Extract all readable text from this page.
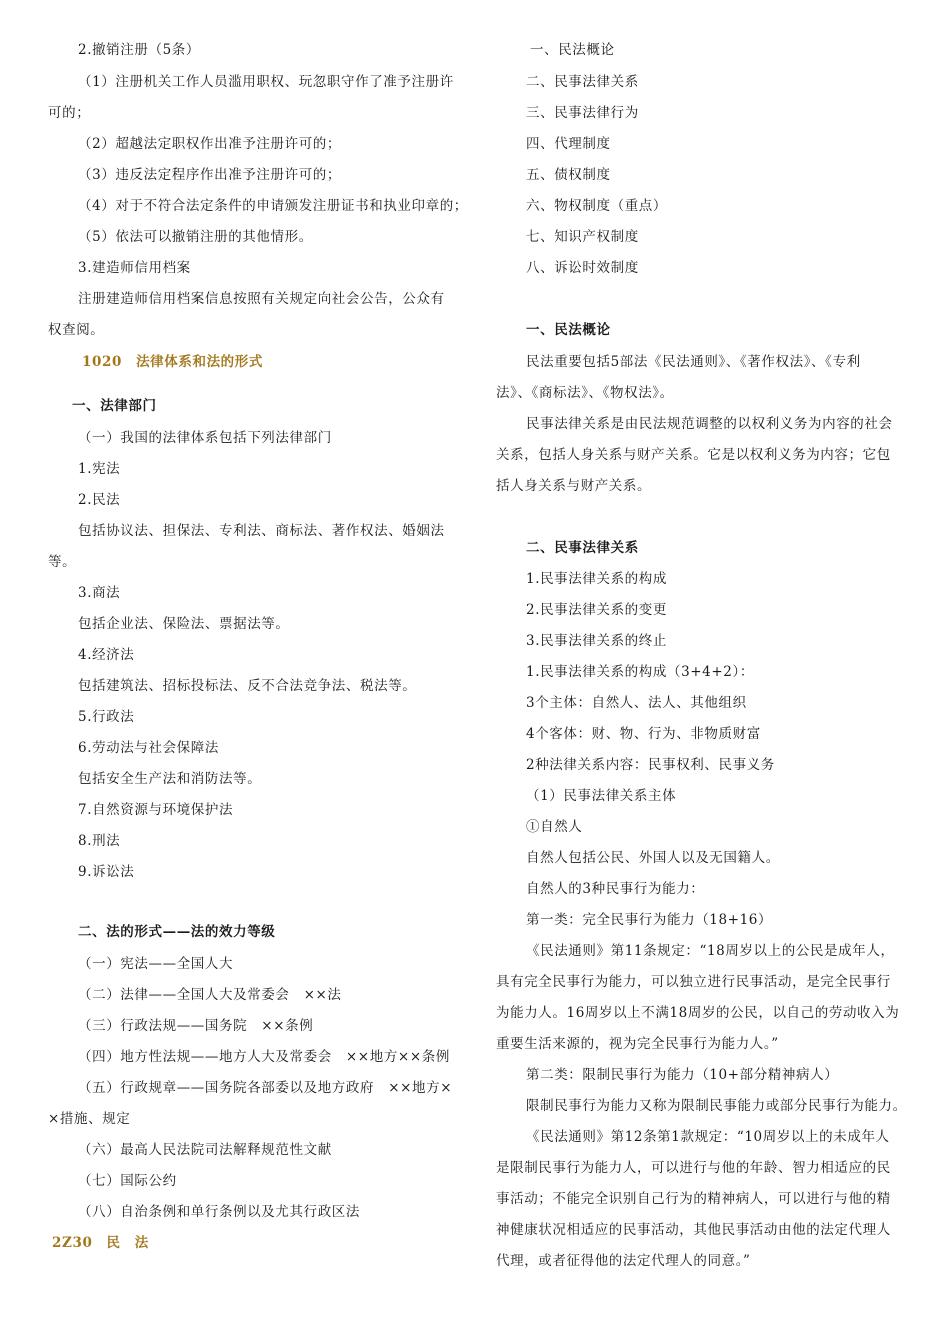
2.撤销注册（5条）
（1）注册机关工作人员滥用职权、玩忽职守作了准予注册许
可的；
（2）超越法定职权作出准予注册许可的；
（3）违反法定程序作出准予注册许可的；
（4）对于不符合法定条件的申请颁发注册证书和执业印章的；
（5）依法可以撤销注册的其他情形。
3.建造师信用档案
注册建造师信用档案信息按照有关规定向社会公告，公众有
权查阅。
1020　法律体系和法的形式
一、法律部门
（一）我国的法律体系包括下列法律部门
1.宪法
2.民法
包括协议法、担保法、专利法、商标法、著作权法、婚姻法
等。
3.商法
包括企业法、保险法、票据法等。
4.经济法
包括建筑法、招标投标法、反不合法竞争法、税法等。
5.行政法
6.劳动法与社会保障法
包括安全生产法和消防法等。
7.自然资源与环境保护法
8.刑法
9.诉讼法
二、法的形式——法的效力等级
（一）宪法——全国人大
（二）法律——全国人大及常委会　××法
（三）行政法规——国务院　××条例
（四）地方性法规——地方人大及常委会　××地方××条例
（五）行政规章——国务院各部委以及地方政府　××地方×
×措施、规定
（六）最高人民法院司法解释规范性文献
（七）国际公约
（八）自治条例和单行条例以及尤其行政区法
2Z30　民　法
一、民法概论
二、民事法律关系
三、民事法律行为
四、代理制度
五、债权制度
六、物权制度（重点）
七、知识产权制度
八、诉讼时效制度
一、民法概论
民法重要包括5部法《民法通则》、《著作权法》、《专利
法》、《商标法》、《物权法》。
民事法律关系是由民法规范调整的以权利义务为内容的社会
关系，包括人身关系与财产关系。它是以权利义务为内容；它包
括人身关系与财产关系。
二、民事法律关系
1.民事法律关系的构成
2.民事法律关系的变更
3.民事法律关系的终止
1.民事法律关系的构成（3+4+2）：
3个主体：自然人、法人、其他组织
4个客体：财、物、行为、非物质财富
2种法律关系内容：民事权利、民事义务
（1）民事法律关系主体
①自然人
自然人包括公民、外国人以及无国籍人。
自然人的3种民事行为能力：
第一类：完全民事行为能力（18+16）
《民法通则》第11条规定：“18周岁以上的公民是成年人，
具有完全民事行为能力，可以独立进行民事活动，是完全民事行
为能力人。16周岁以上不满18周岁的公民，以自己的劳动收入为
重要生活来源的，视为完全民事行为能力人。”
第二类：限制民事行为能力（10+部分精神病人）
限制民事行为能力又称为限制民事能力或部分民事行为能力。
《民法通则》第12条第1款规定：“10周岁以上的未成年人
是限制民事行为能力人，可以进行与他的年龄、智力相适应的民
事活动；不能完全识别自己行为的精神病人，可以进行与他的精
神健康状况相适应的民事活动，其他民事活动由他的法定代理人
代理，或者征得他的法定代理人的同意。”
